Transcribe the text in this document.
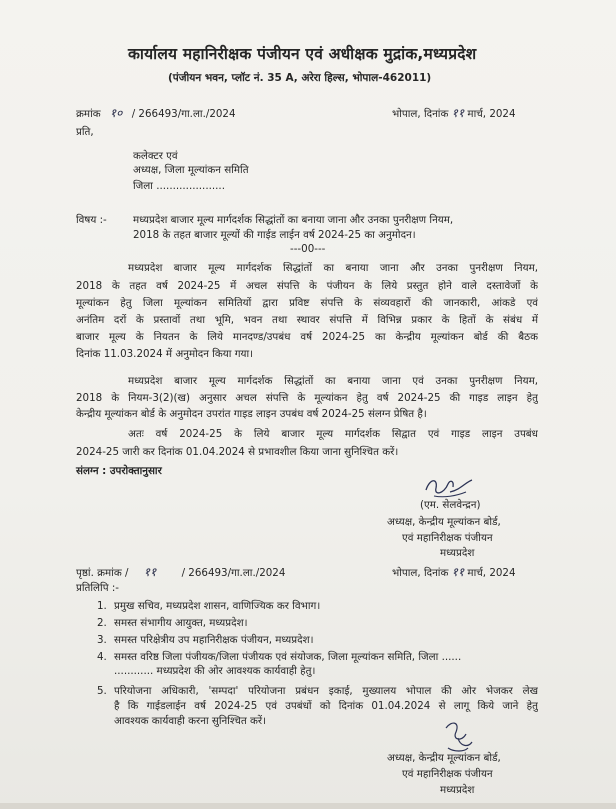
कार्यालय महानिरीक्षक पंजीयन एवं अधीक्षक मुद्रांक,मध्यप्रदेश
(पंजीयन भवन, प्लॉट नं. 35 A, अरेरा हिल्स, भोपाल-462011)
क्रमांक १० / 266493/गा.ला./2024	भोपाल, दिनांक ११ मार्च, 2024
प्रति,
कलेक्टर एवं
अध्यक्ष, जिला मूल्यांकन समिति
जिला .....................
विषय :-	मध्यप्रदेश बाजार मूल्य मार्गदर्शक सिद्धांतों का बनाया जाना और उनका पुनरीक्षण नियम,
2018 के तहत बाजार मूल्यों की गाईड लाईन वर्ष 2024-25 का अनुमोदन।
---00---
मध्यप्रदेश बाजार मूल्य मार्गदर्शक सिद्धांतों का बनाया जाना और उनका पुनरीक्षण नियम,
2018 के तहत वर्ष 2024-25 में अचल संपत्ति के पंजीयन के लिये प्रस्तुत होने वाले दस्तावेजों के
मूल्यांकन हेतु जिला मूल्यांकन समितियों द्वारा प्रविष्ट संपत्ति के संव्यवहारों की जानकारी, आंकडे एवं
अनंतिम दरों के प्रस्तावों तथा भूमि, भवन तथा स्थावर संपत्ति में विभिन्न प्रकार के हितों के संबंध में
बाजार मूल्य के नियतन के लिये मानदण्ड/उपबंध वर्ष 2024-25 का केन्द्रीय मूल्यांकन बोर्ड की बैठक
दिनांक 11.03.2024 में अनुमोदन किया गया।
मध्यप्रदेश बाजार मूल्य मार्गदर्शक सिद्धांतों का बनाया जाना एवं उनका पुनरीक्षण नियम,
2018 के नियम-3(2)(ख) अनुसार अचल संपत्ति के मूल्यांकन हेतु वर्ष 2024-25 की गाइड लाइन हेतु
केन्द्रीय मूल्यांकन बोर्ड के अनुमोदन उपरांत गाइड लाइन उपबंध वर्ष 2024-25 संलग्न प्रेषित है।
अतः वर्ष 2024-25 के लिये बाजार मूल्य मार्गदर्शक सिद्वात एवं गाइड लाइन उपबंध
2024-25 जारी कर दिनांक 01.04.2024 से प्रभावशील किया जाना सुनिश्चित करें।
संलग्न : उपरोक्तानुसार
(एम. सेलवेन्द्रन)
अध्यक्ष, केन्द्रीय मूल्यांकन बोर्ड,
एवं महानिरीक्षक पंजीयन
मध्यप्रदेश
पृष्ठां. क्रमांक / ११ / 266493/गा.ला./2024	भोपाल, दिनांक ११ मार्च, 2024
प्रतिलिपि :-
1. प्रमुख सचिव, मध्यप्रदेश शासन, वाणिज्यिक कर विभाग।
2. समस्त संभागीय आयुक्त, मध्यप्रदेश।
3. समस्त परिक्षेत्रीय उप महानिरीक्षक पंजीयन, मध्यप्रदेश।
4. समस्त वरिष्ठ जिला पंजीयक/जिला पंजीयक एवं संयोजक, जिला मूल्यांकन समिति, जिला ......
............ मध्यप्रदेश की ओर आवश्यक कार्यवाही हेतु।
5. परियोजना अधिकारी, 'सम्पदा' परियोजना प्रबंधन इकाई, मुख्यालय भोपाल की ओर भेजकर लेख
है कि गाईडलाईन वर्ष 2024-25 एवं उपबंधों को दिनांक 01.04.2024 से लागू किये जाने हेतु
आवश्यक कार्यवाही करना सुनिश्चित करें।
अध्यक्ष, केन्द्रीय मूल्यांकन बोर्ड,
एवं महानिरीक्षक पंजीयन
मध्यप्रदेश
